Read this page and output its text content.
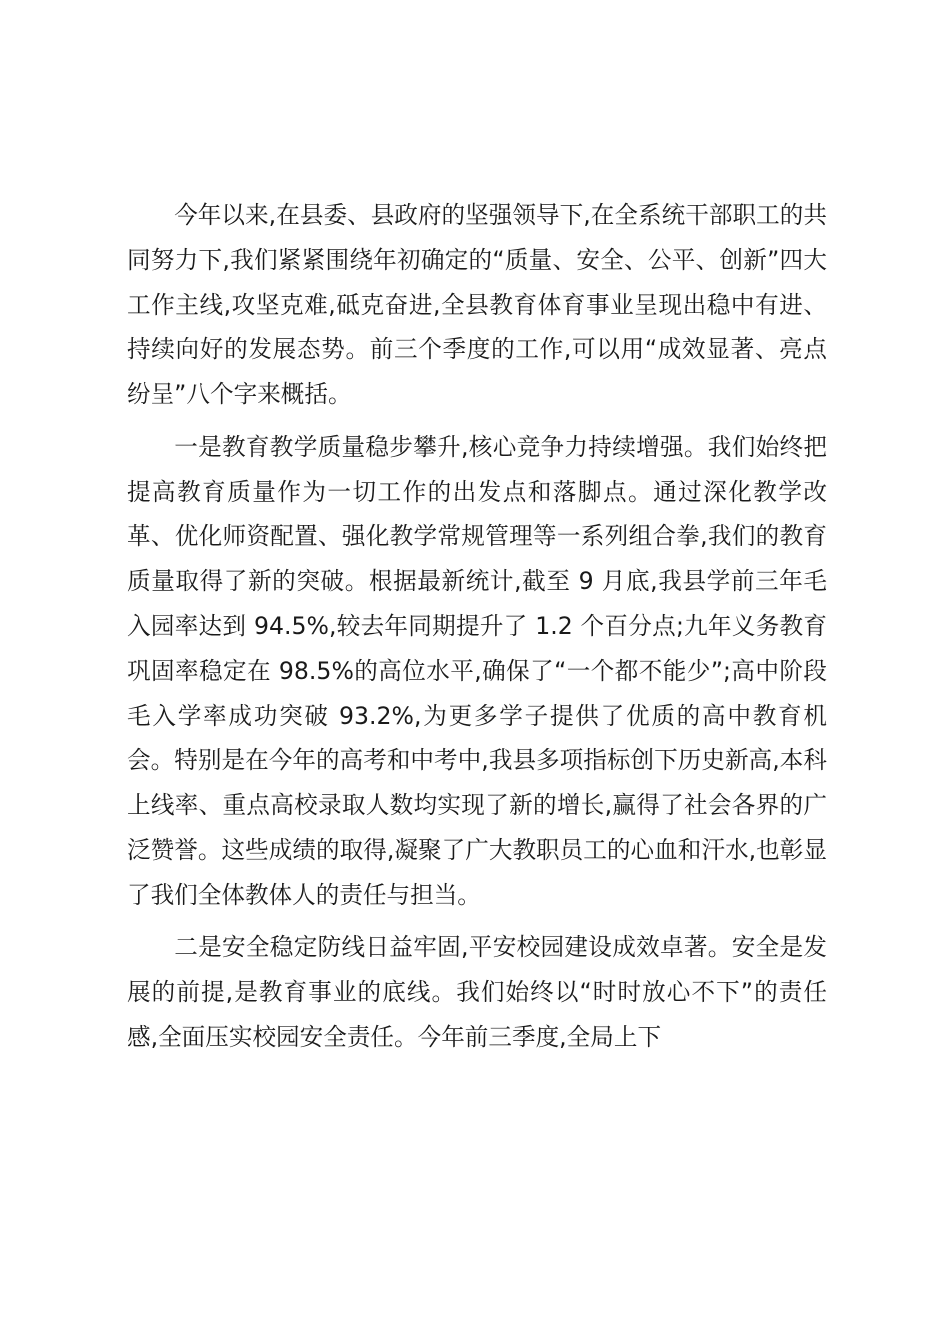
今年以来,在县委、县政府的坚强领导下,在全系统干部职工的共同努力下,我们紧紧围绕年初确定的“质量、安全、公平、创新”四大工作主线,攻坚克难,砥克奋进,全县教育体育事业呈现出稳中有进、持续向好的发展态势。前三个季度的工作,可以用“成效显著、亮点纷呈”八个字来概括。

一是教育教学质量稳步攀升,核心竞争力持续增强。我们始终把提高教育质量作为一切工作的出发点和落脚点。通过深化教学改革、优化师资配置、强化教学常规管理等一系列组合拳,我们的教育质量取得了新的突破。根据最新统计,截至 9 月底,我县学前三年毛入园率达到 94.5%,较去年同期提升了 1.2 个百分点;九年义务教育巩固率稳定在 98.5%的高位水平,确保了“一个都不能少”;高中阶段毛入学率成功突破 93.2%,为更多学子提供了优质的高中教育机会。特别是在今年的高考和中考中,我县多项指标创下历史新高,本科上线率、重点高校录取人数均实现了新的增长,赢得了社会各界的广泛赞誉。这些成绩的取得,凝聚了广大教职员工的心血和汗水,也彰显了我们全体教体人的责任与担当。

二是安全稳定防线日益牢固,平安校园建设成效卓著。安全是发展的前提,是教育事业的底线。我们始终以“时时放心不下”的责任感,全面压实校园安全责任。今年前三季度,全局上下
